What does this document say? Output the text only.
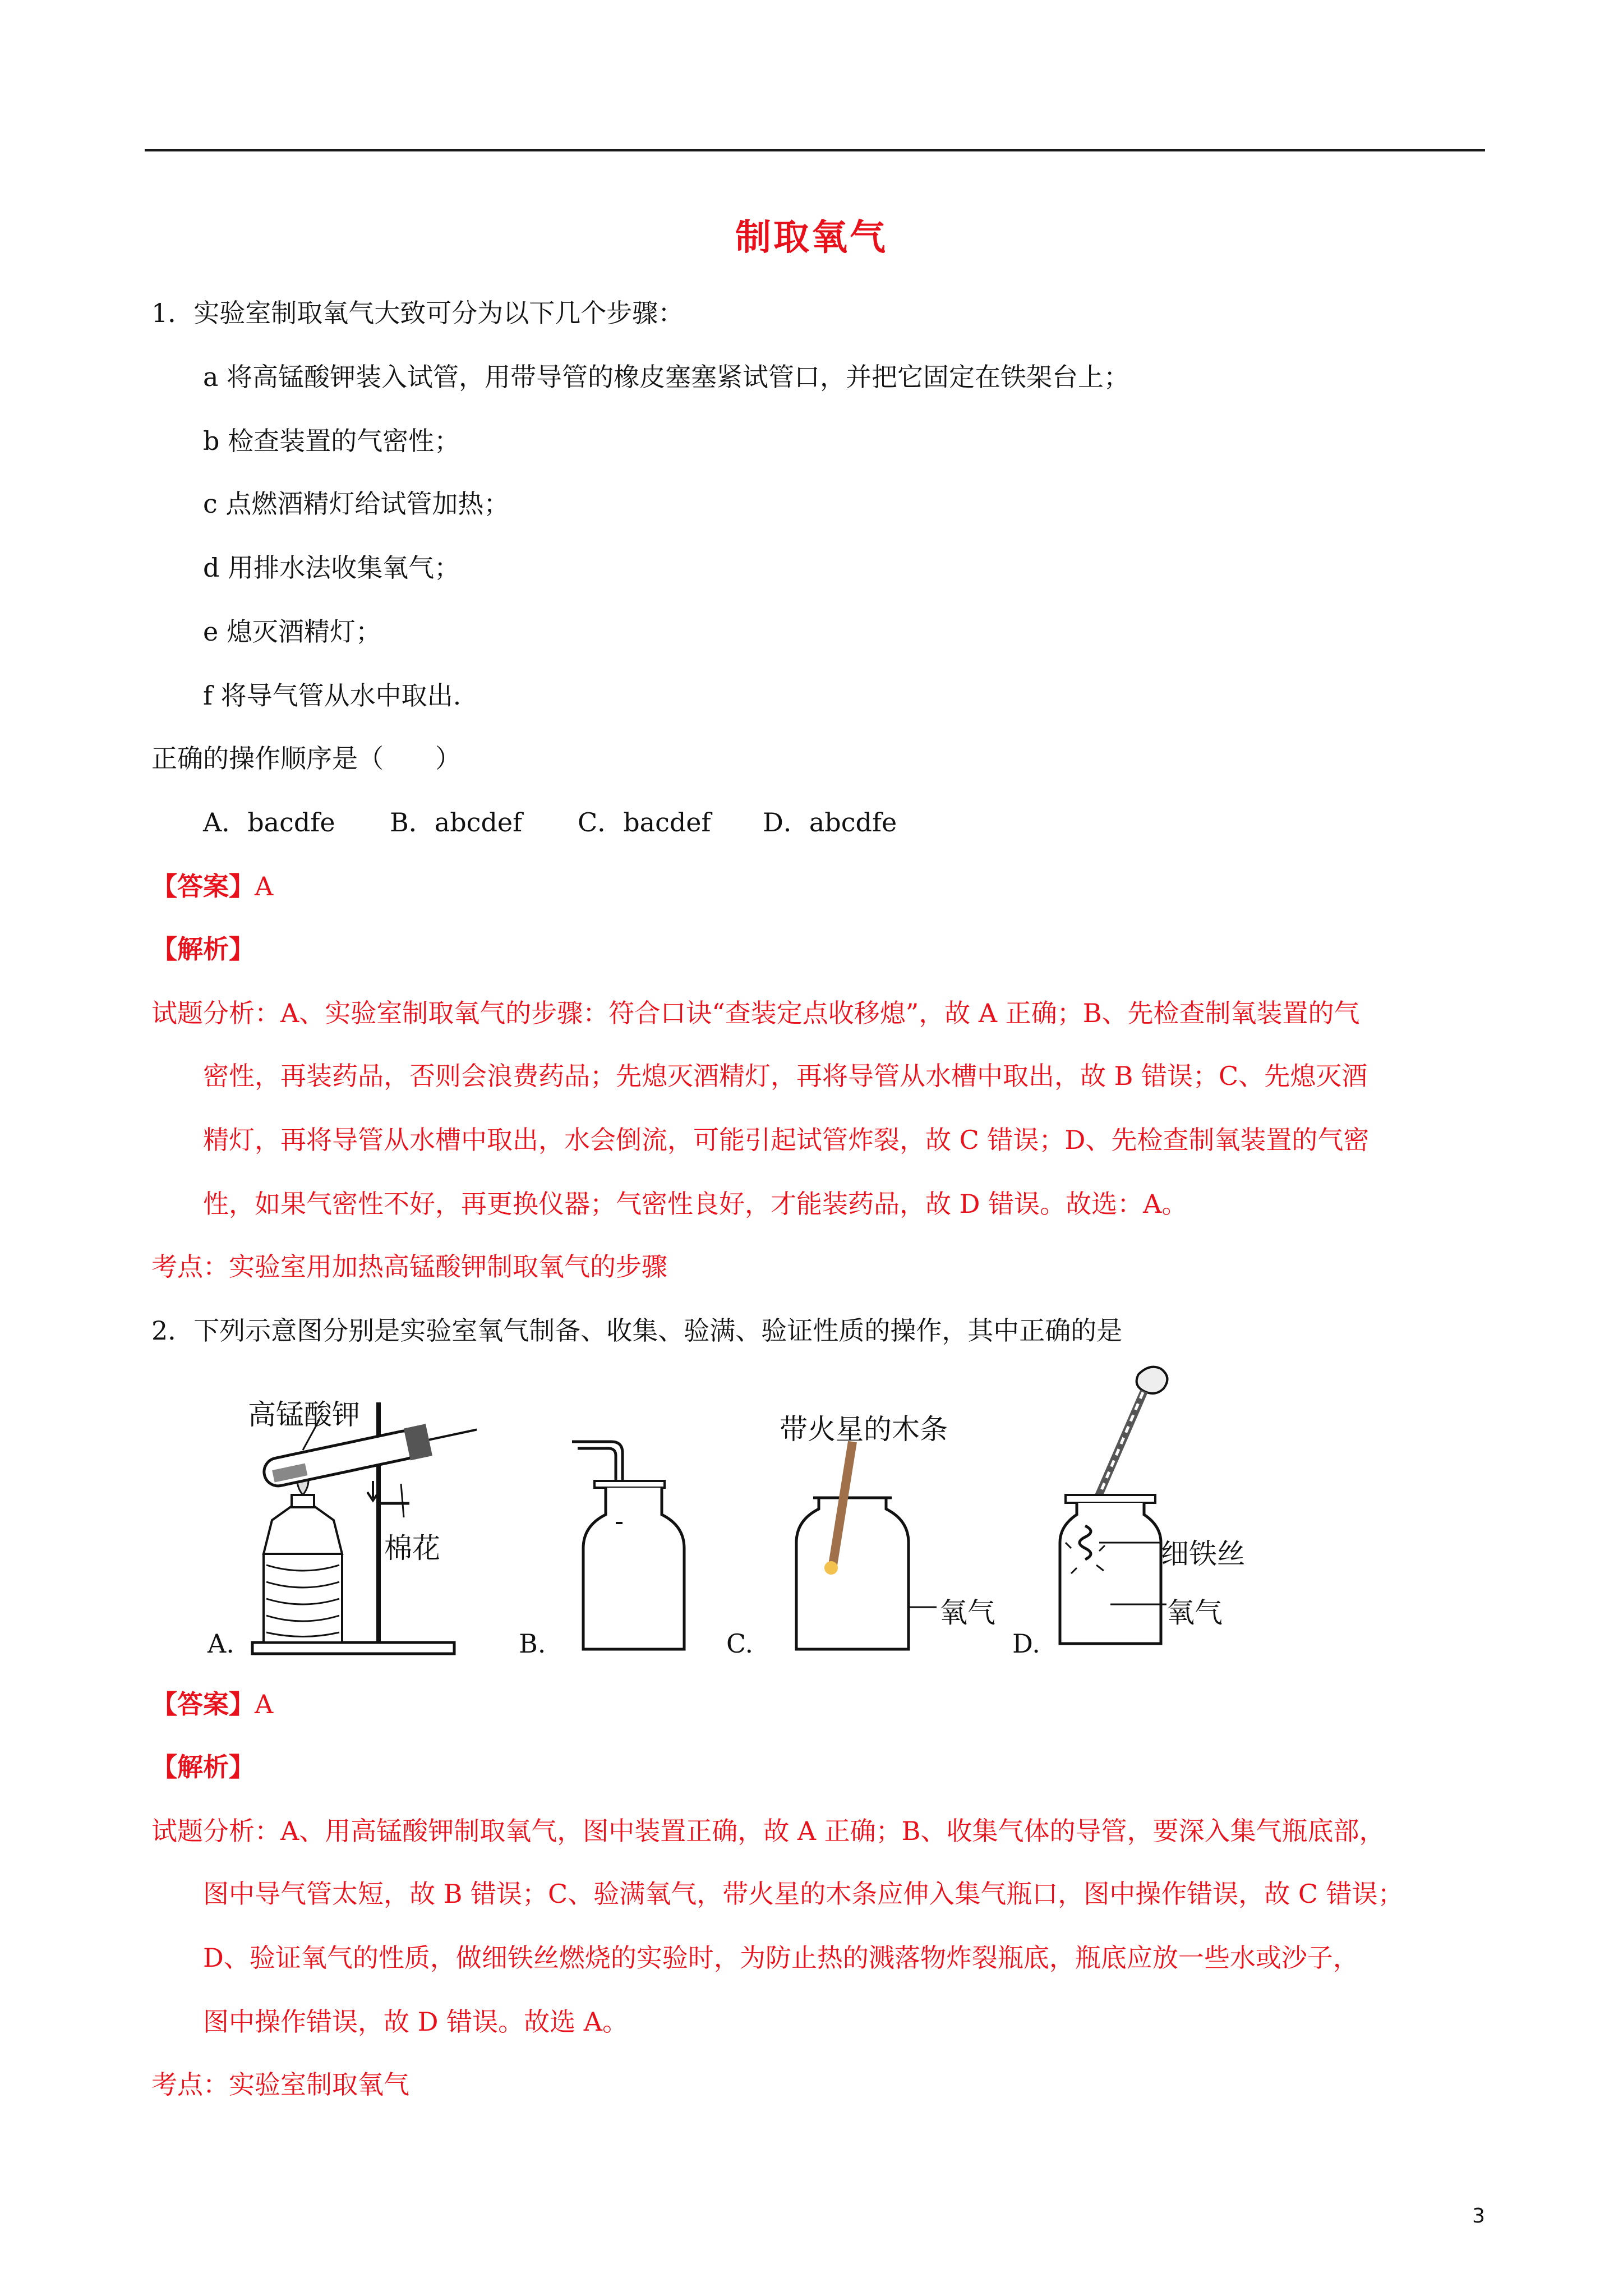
制取氧气
1．实验室制取氧气大致可分为以下几个步骤：
a 将高锰酸钾装入试管，用带导管的橡皮塞塞紧试管口，并把它固定在铁架台上；
b 检查装置的气密性；
c 点燃酒精灯给试管加热；
d 用排水法收集氧气；
e 熄灭酒精灯；
f 将导气管从水中取出.
正确的操作顺序是（　　）
A．bacdfe B．abcdef C．bacdef D．abcdfe
【答案】A
【解析】
试题分析：A、实验室制取氧气的步骤：符合口诀“查装定点收移熄”，故 A 正确；B、先检查制氧装置的气
密性，再装药品，否则会浪费药品；先熄灭酒精灯，再将导管从水槽中取出，故 B 错误；C、先熄灭酒
精灯，再将导管从水槽中取出，水会倒流，可能引起试管炸裂，故 C 错误；D、先检查制氧装置的气密
性，如果气密性不好，再更换仪器；气密性良好，才能装药品，故 D 错误。故选：A。
考点：实验室用加热高锰酸钾制取氧气的步骤
2．下列示意图分别是实验室氧气制备、收集、验满、验证性质的操作，其中正确的是
高锰酸钾
棉花
A.	B.
带火星的木条
氧气
C.
细铁丝
氧气
D.
【答案】A
【解析】
试题分析：A、用高锰酸钾制取氧气，图中装置正确，故 A 正确；B、收集气体的导管，要深入集气瓶底部，
图中导气管太短，故 B 错误；C、验满氧气，带火星的木条应伸入集气瓶口，图中操作错误，故 C 错误；
D、验证氧气的性质，做细铁丝燃烧的实验时，为防止热的溅落物炸裂瓶底，瓶底应放一些水或沙子，
图中操作错误，故 D 错误。故选 A。
考点：实验室制取氧气
3
